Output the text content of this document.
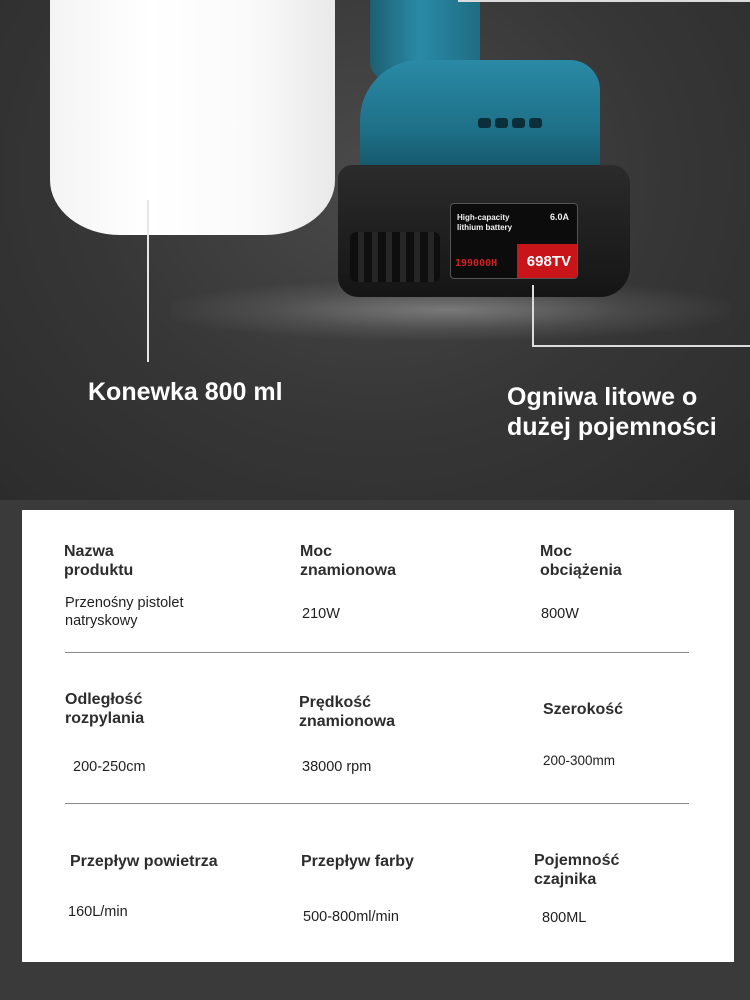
High-capacity
lithium battery
6.0A
698TV
199000H
Konewka 800 ml	Ogniwa litowe o
dużej pojemności
Nazwa
produktu
Przenośny pistolet
natryskowy
Moc
znamionowa
210W
Moc
obciążenia
800W
Odległość
rozpylania
200-250cm
Prędkość
znamionowa
38000 rpm
Szerokość
200-300mm
Przepływ powietrza
160L/min
Przepływ farby
500-800ml/min
Pojemność
czajnika
800ML
